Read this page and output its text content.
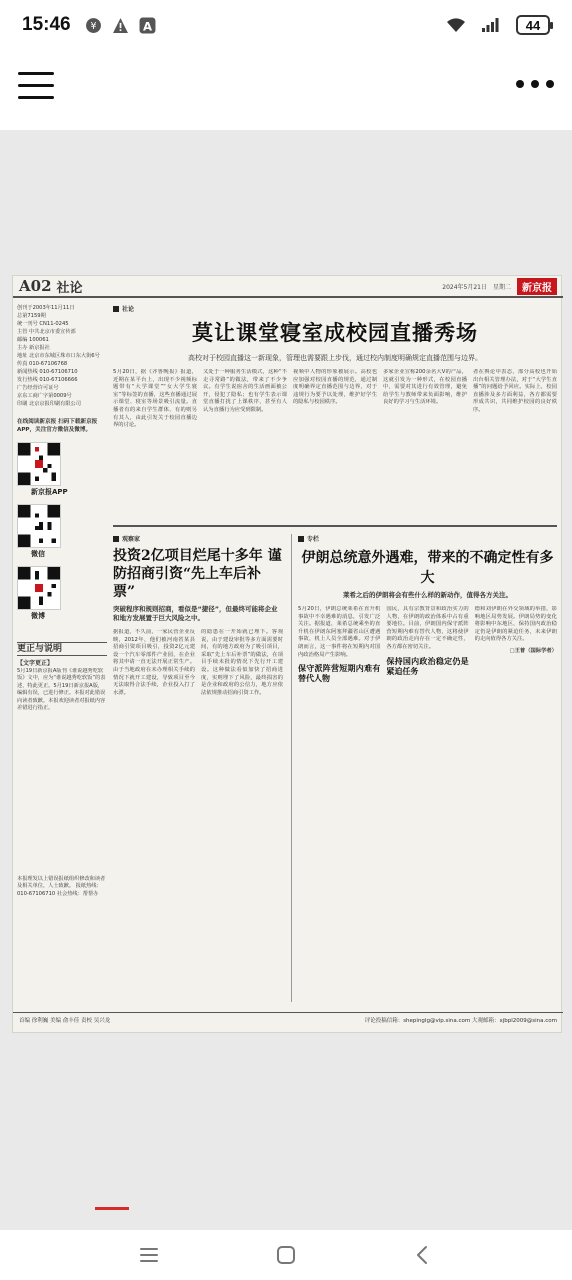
15:46 ¥	A	44
A02 社论	2024年5月21日 星期二	新京报
创刊于2003年11月11日
总第7159期
统一刊号 CN11-0245
主管 中共北京市委宣传部
邮编 100061
主办 新京报社
地址 北京市东城区珠市口东大街6号
传真 010-67106768
新闻热线 010-67106710
发行热线 010-67106666
广告经营许可证号
京东工商广字第0009号
印刷 北京京报印刷有限公司
在线阅读新京报 扫码下载新京报APP，关注官方微信及微博。
新京报APP
微信
微博
更正与说明
【文字更正】
5月19日新京报A版刊《谁说越秀吃软饭》文中，应为“谁说越秀吃软饭”的表述，特此更正。5月19日新京报A版，编辑有误，已进行修正。本报对此错误向读者致歉。本报欢迎读者对报纸内容差错进行指正。
本报理发以上错误报纸组织修改和读者及相关单位，人士致歉。 报纸热线：010-67106710 社会热线：帮帮办
社论
莫让课堂寝室成校园直播秀场
高校对于校园直播这一新现象，管理也需要跟上步伐，通过校内制度明确规定直播范围与边界。
5月20日，据《齐鲁晚报》报道，近期在某平台上，出现不少视频标题带有“大学课堂”“女大学生寝室”等标签的直播，这些直播通过展示课堂、寝室等场景吸引流量。直播者有的来自学生群体，有的则另有其人，由此引发关于校园直播边界的讨论。
又处于一种服务生活模式，这种“不走寻常路”的做法，带来了不少争议。有学生说宿舍的生活画面被公开，侵犯了隐私；也有学生表示课堂直播打扰了上课秩序，甚至有人认为直播行为应受到限制。
视频中人物的形象被展示。高校也应加强对校园直播的规范，通过制度明确界定直播范围与边界，对于违规行为要予以处理，维护好学生的隐私与校园秩序。
多家企业宣称200余名大V的产品，这就引发为一种形式，在校园直播中，需要对其进行有效管理，避免给学生与教师带来负面影响，维护良好的学习与生活环境。
者在舆论中表态，部分高校也开始出台相关管理办法，对于“大学生直播”的问题给予回应。实际上，校园直播涉及多方面利益，各方都需要形成共识，共同维护校园的良好秩序。
观察家
投资2亿项目烂尾十多年 谨防招商引资“先上车后补票”
突破程序和规则招商，看似是“捷径”，但最终可能将企业和地方发展置于巨大风险之中。
据报道，不久前，一家民营企业反映，2012年，他们被河南省某县招商引资项目吸引，投资2亿元建设一个汽车零部件产业园，在企业将其申请一直无法开展正常生产。由于当地政府在未办理相关手续的情况下就开工建设，导致项目至今无法取得合法手续，企业投入打了水漂。
的隐患在一开始就已埋下。客观说，由于建设审批等多方面需要时间，有的地方政府为了吸引项目，采取“先上车后补票”的做法，在项目手续未批的情况下先行开工建设。这种做法看似加快了招商进度，实则埋下了风险，最终损害的是企业和政府的公信力，地方应依法依规推动招商引资工作。
专栏
伊朗总统意外遇难，带来的不确定性有多大
莱希之后的伊朗将会有些什么样的新动作，值得各方关注。
5月20日，伊朗总统莱希在直升机事故中不幸遇难的消息，引发广泛关注。据报道，莱希总统乘坐的直升机在伊朗东阿塞拜疆省山区遭遇事故，机上人员全部遇难。对于伊朗而言，这一事件将在短期内对国内政治格局产生影响。
保守派阵营短期内难有替代人物
国民，具有宗教背景和政治实力的人物，在伊朗的政治体系中占有重要地位。目前，伊朗国内保守派阵营短期内难有替代人物，这将使伊朗的政治走向存在一定不确定性，各方都在密切关注。
保持国内政治稳定仍是紧迫任务
德和刘伊朗在外交领域的举措，影响地区局势发展。伊朗局势的变化将影响中东地区，保持国内政治稳定仍是伊朗的紧迫任务，未来伊朗的走向值得各方关注。
□王普（国际学者）
首编 徐利巍 美编 俞丰佳 责校 吴兴龙	评论投稿信箱：shepinglg@vip.sina.com 大观邮箱：xjbpl2009@sina.com
